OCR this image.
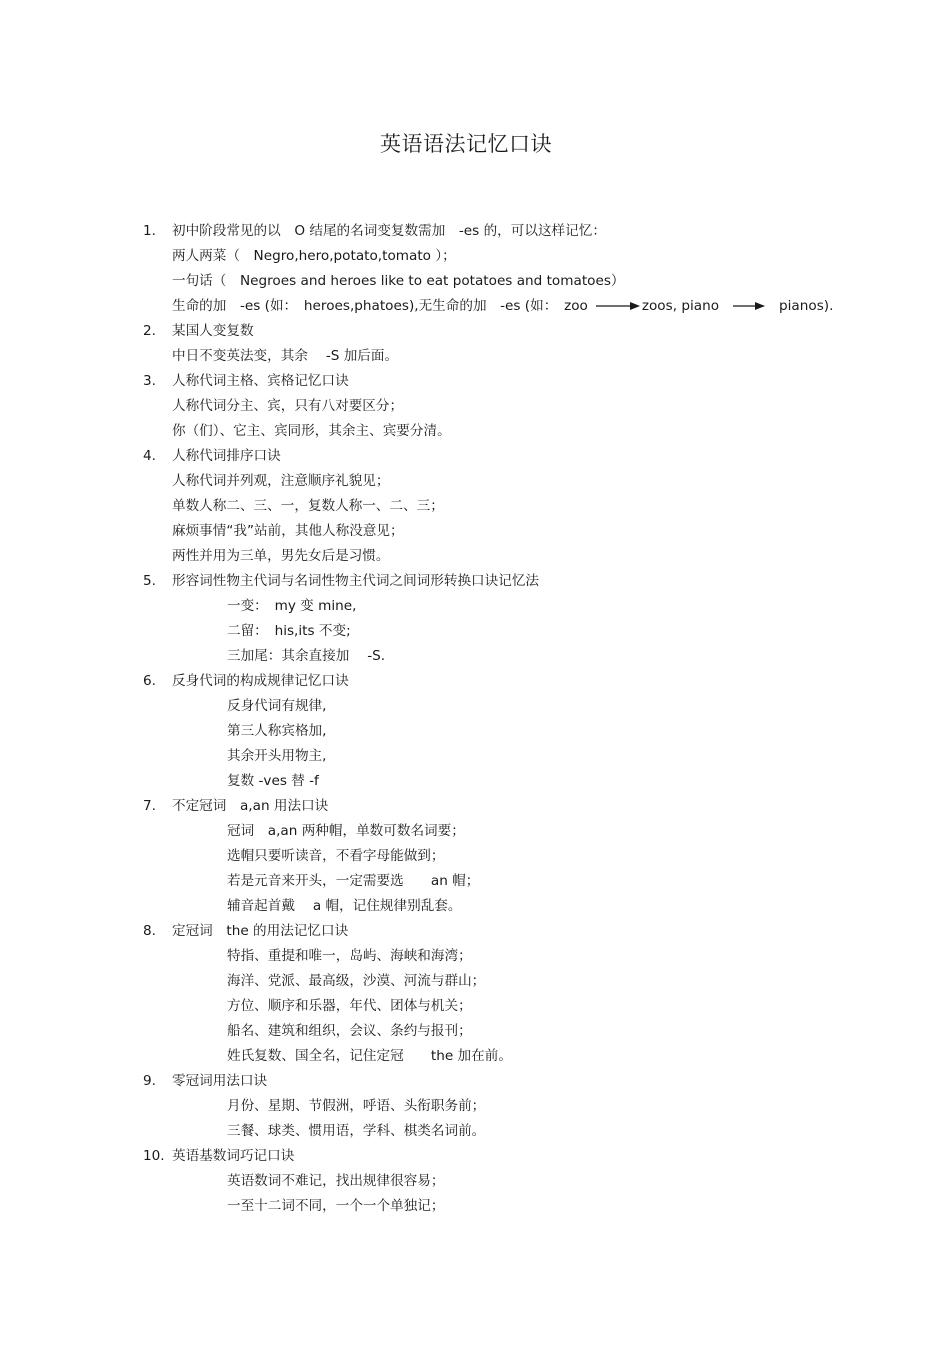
英语语法记忆口诀
1.	初中阶段常见的以　O 结尾的名词变复数需加　-es 的，可以这样记忆：
两人两菜（　Negro,hero,potato,tomato ）；
一句话（　Negroes and heroes like to eat potatoes and tomatoes）
生命的加　-es (如：　heroes,phatoes),无生命的加　-es (如：　zoo	zoos, piano	pianos).
2.	某国人变复数
中日不变英法变，其余　 -S 加后面。
3.	人称代词主格、宾格记忆口诀
人称代词分主、宾，只有八对要区分；
你（们）、它主、宾同形，其余主、宾要分清。
4.	人称代词排序口诀
人称代词并列观，注意顺序礼貌见；
单数人称二、三、一，复数人称一、二、三；
麻烦事情“我”站前，其他人称没意见；
两性并用为三单，男先女后是习惯。
5.	形容词性物主代词与名词性物主代词之间词形转换口诀记忆法
一变：　my 变 mine,
二留：　his,its 不变;
三加尾：其余直接加　 -S.
6.	反身代词的构成规律记忆口诀
反身代词有规律,
第三人称宾格加,
其余开头用物主,
复数 -ves 替 -f
7.	不定冠词　a,an 用法口诀
冠词　a,an 两种帽，单数可数名词要；
选帽只要听读音，不看字母能做到；
若是元音来开头，一定需要选　　an 帽；
辅音起首戴　 a 帽，记住规律别乱套。
8.	定冠词　the 的用法记忆口诀
特指、重提和唯一，岛屿、海峡和海湾；
海洋、党派、最高级，沙漠、河流与群山；
方位、顺序和乐器，年代、团体与机关；
船名、建筑和组织，会议、条约与报刊；
姓氏复数、国全名，记住定冠　　the 加在前。
9.	零冠词用法口诀
月份、星期、节假洲，呼语、头衔职务前；
三餐、球类、惯用语，学科、棋类名词前。
10. 英语基数词巧记口诀
英语数词不难记，找出规律很容易；
一至十二词不同，一个一个单独记；
